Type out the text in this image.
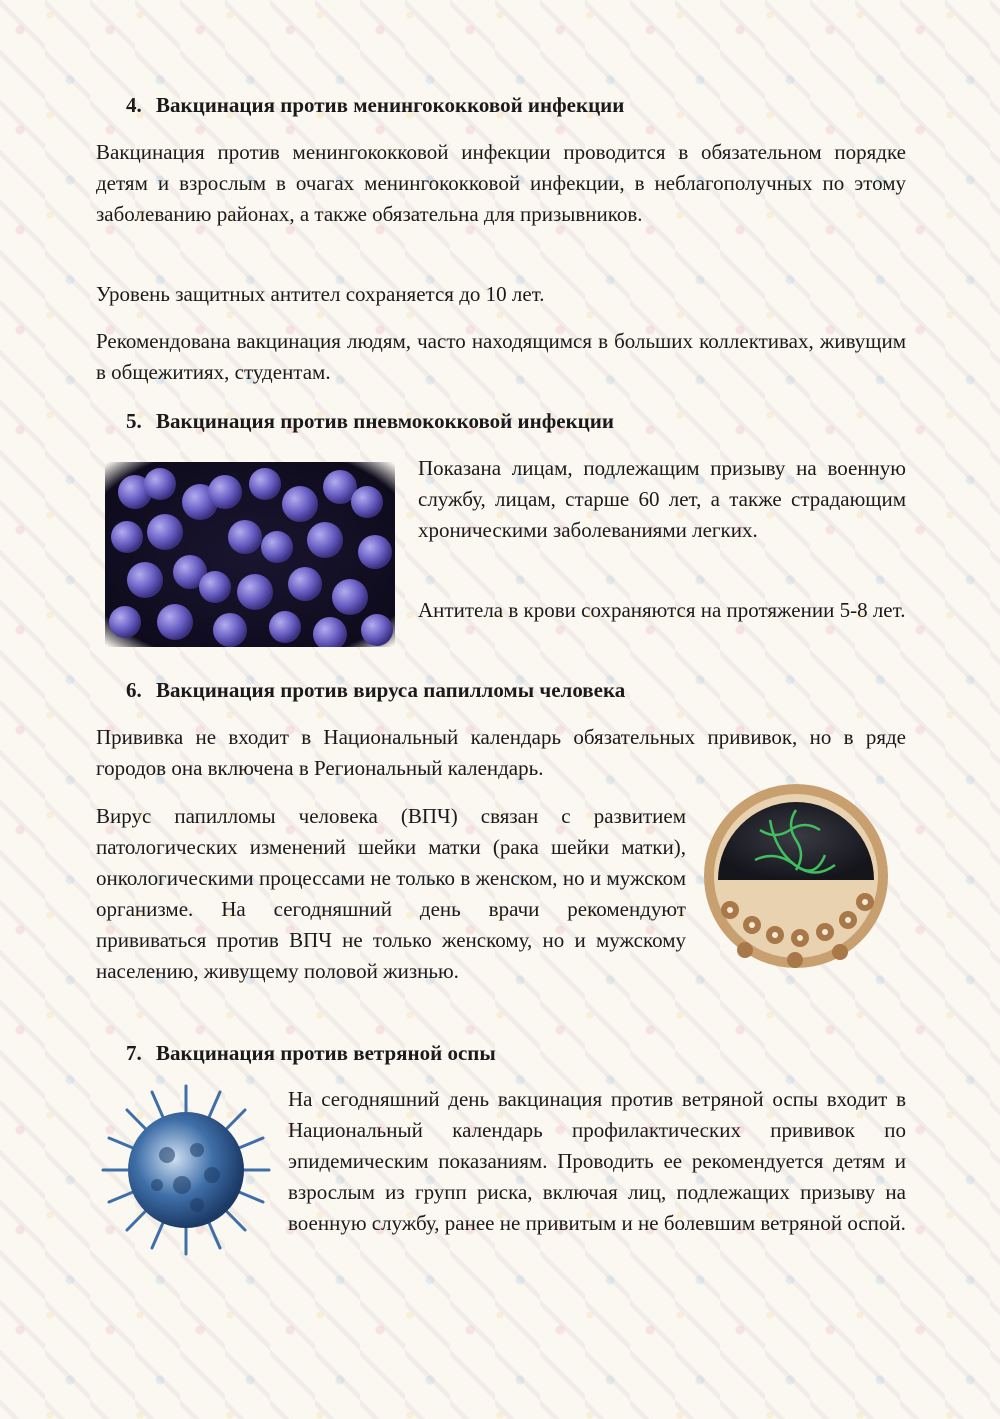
4. Вакцинация против менингококковой инфекции

Вакцинация против менингококковой инфекции проводится в обязательном порядке детям и взрослым в очагах менингококковой инфекции, в неблагополучных по этому заболеванию районах, а также обязательна для призывников.

Уровень защитных антител сохраняется до 10 лет.

Рекомендована вакцинация людям, часто находящимся в больших коллективах, живущим в общежитиях, студентам.

5. Вакцинация против пневмококковой инфекции

Показана лицам, подлежащим призыву на военную службу, лицам, старше 60 лет, а также страдающим хроническими заболеваниями легких.

Антитела в крови сохраняются на протяжении 5-8 лет.

6. Вакцинация против вируса папилломы человека

Прививка не входит в Национальный календарь обязательных прививок, но в ряде городов она включена в Региональный календарь.

Вирус папилломы человека (ВПЧ) связан с развитием патологических изменений шейки матки (рака шейки матки), онкологическими процессами не только в женском, но и мужском организме. На сегодняшний день врачи рекомендуют прививаться против ВПЧ не только женскому, но и мужскому населению, живущему половой жизнью.

7. Вакцинация против ветряной оспы

На сегодняшний день вакцинация против ветряной оспы входит в Национальный календарь профилактических прививок по эпидемическим показаниям. Проводить ее рекомендуется детям и взрослым из групп риска, включая лиц, подлежащих призыву на военную службу, ранее не привитым и не болевшим ветряной оспой.
